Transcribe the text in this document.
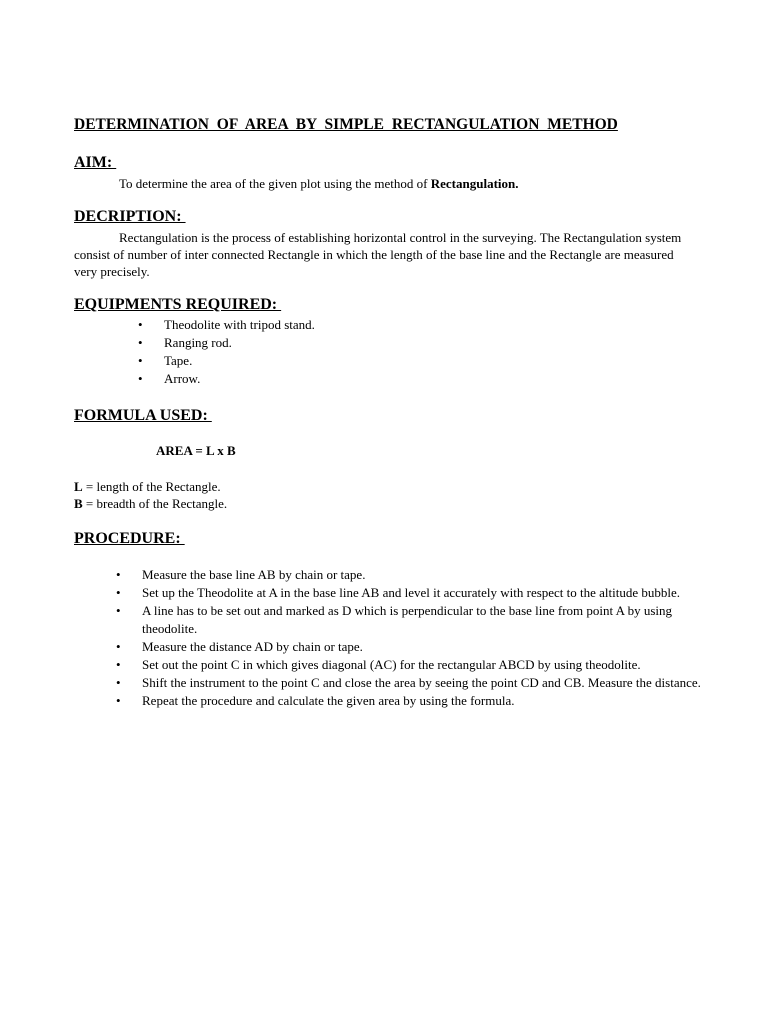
DETERMINATION OF AREA BY SIMPLE RECTANGULATION METHOD
AIM:
To determine the area of the given plot using the method of Rectangulation.
DECRIPTION:
Rectangulation is the process of establishing horizontal control in the surveying. The Rectangulation system consist of number of inter connected Rectangle in which the length of the base line and the Rectangle are measured very precisely.
EQUIPMENTS REQUIRED:
• Theodolite with tripod stand.
• Ranging rod.
• Tape.
• Arrow.
FORMULA USED:
AREA = L x B
L = length of the Rectangle.
B = breadth of the Rectangle.
PROCEDURE:
• Measure the base line AB by chain or tape.
• Set up the Theodolite at A in the base line AB and level it accurately with respect to the altitude bubble.
• A line has to be set out and marked as D which is perpendicular to the base line from point A by using theodolite.
• Measure the distance AD by chain or tape.
• Set out the point C in which gives diagonal (AC) for the rectangular ABCD by using theodolite.
• Shift the instrument to the point C and close the area by seeing the point CD and CB. Measure the distance.
• Repeat the procedure and calculate the given area by using the formula.
